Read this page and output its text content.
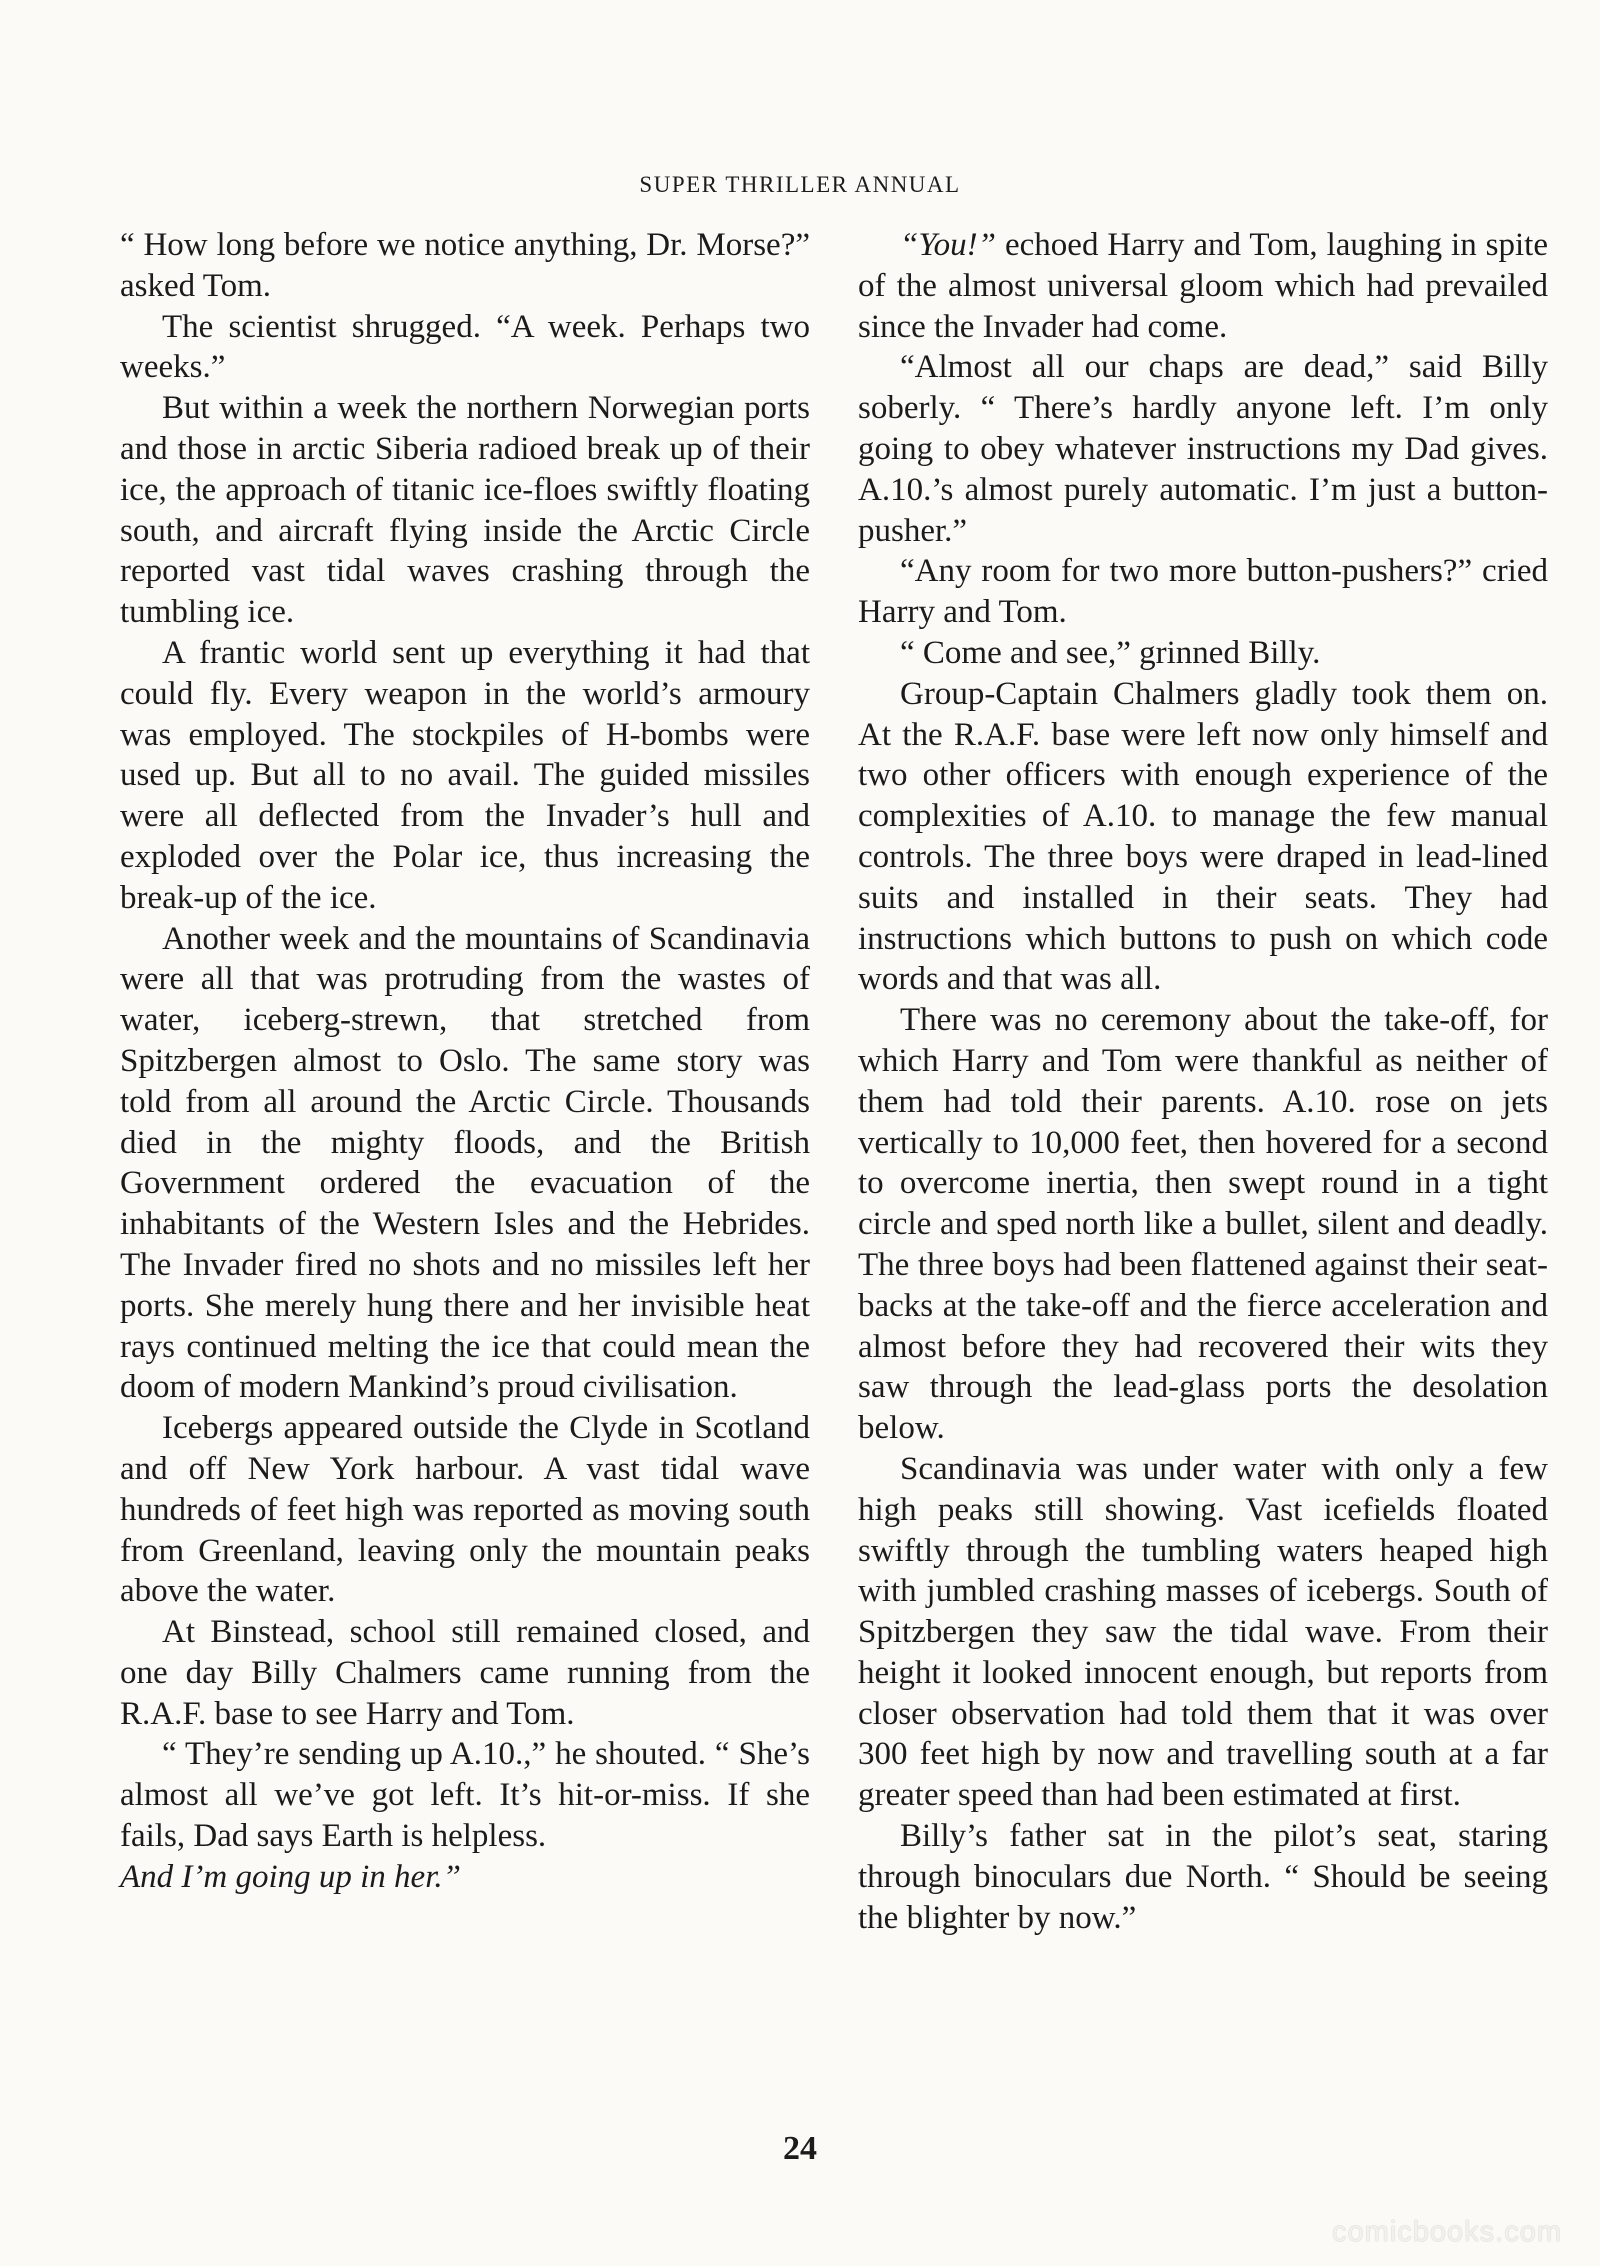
SUPER THRILLER ANNUAL

“ How long before we notice anything, Dr. Morse?” asked Tom.

The scientist shrugged. “A week. Perhaps two weeks.”

But within a week the northern Norwegian ports and those in arctic Siberia radioed break up of their ice, the approach of titanic ice-floes swiftly floating south, and aircraft flying inside the Arctic Circle reported vast tidal waves crashing through the tumbling ice.

A frantic world sent up everything it had that could fly. Every weapon in the world’s armoury was employed. The stockpiles of H-bombs were used up. But all to no avail. The guided missiles were all deflected from the Invader’s hull and exploded over the Polar ice, thus increasing the break-up of the ice.

Another week and the mountains of Scandinavia were all that was protruding from the wastes of water, iceberg-strewn, that stretched from Spitzbergen almost to Oslo. The same story was told from all around the Arctic Circle. Thousands died in the mighty floods, and the British Government ordered the evacuation of the inhabitants of the Western Isles and the Hebrides. The Invader fired no shots and no missiles left her ports. She merely hung there and her invisible heat rays continued melting the ice that could mean the doom of modern Mankind’s proud civilisation.

Icebergs appeared outside the Clyde in Scotland and off New York harbour. A vast tidal wave hundreds of feet high was reported as moving south from Greenland, leaving only the mountain peaks above the water.

At Binstead, school still remained closed, and one day Billy Chalmers came running from the R.A.F. base to see Harry and Tom.

“ They’re sending up A.10.,” he shouted. “ She’s almost all we’ve got left. It’s hit-or-miss. If she fails, Dad says Earth is helpless.
And I’m going up in her.”

“You!” echoed Harry and Tom, laughing in spite of the almost universal gloom which had prevailed since the Invader had come.

“Almost all our chaps are dead,” said Billy soberly. “ There’s hardly anyone left. I’m only going to obey whatever instructions my Dad gives. A.10.’s almost purely automatic. I’m just a button-pusher.”

“Any room for two more button-pushers?” cried Harry and Tom.

“ Come and see,” grinned Billy.

Group-Captain Chalmers gladly took them on. At the R.A.F. base were left now only himself and two other officers with enough experience of the complexities of A.10. to manage the few manual controls. The three boys were draped in lead-lined suits and installed in their seats. They had instructions which buttons to push on which code words and that was all.

There was no ceremony about the take-off, for which Harry and Tom were thankful as neither of them had told their parents. A.10. rose on jets vertically to 10,000 feet, then hovered for a second to overcome inertia, then swept round in a tight circle and sped north like a bullet, silent and deadly. The three boys had been flattened against their seat-backs at the take-off and the fierce acceleration and almost before they had recovered their wits they saw through the lead-glass ports the desolation below.

Scandinavia was under water with only a few high peaks still showing. Vast icefields floated swiftly through the tumbling waters heaped high with jumbled crashing masses of icebergs. South of Spitzbergen they saw the tidal wave. From their height it looked innocent enough, but reports from closer observation had told them that it was over 300 feet high by now and travelling south at a far greater speed than had been estimated at first.

Billy’s father sat in the pilot’s seat, staring through binoculars due North. “ Should be seeing the blighter by now.”

24
comicbooks.com
